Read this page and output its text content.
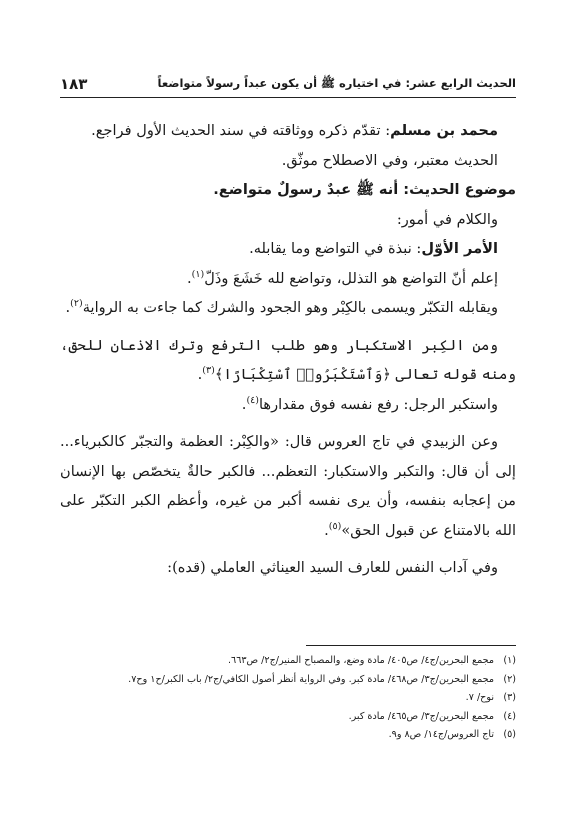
الحديث الرابع عشر: في اختياره ﷺ أن يكون عبداً رسولاً متواضعاً
١٨٣

محمد بن مسلم: تقدّم ذكره ووثاقته في سند الحديث الأول فراجع.

الحديث معتبر، وفي الاصطلاح موثّق.

موضوع الحديث: أنه ﷺ عبدٌ رسولٌ متواضع.

والكلام في أمور:

الأمر الأوّل: نبذة في التواضع وما يقابله.

إعلم أنّ التواضع هو التذلل، وتواضع لله خَشَعَ وذَلّ$^{(١)}$.

ويقابله التكبّر ويسمى بالكِبْر وهو الجحود والشرك كما جاءت به الرواية$^{(٢)}$.

ومن الكِبر الاستكبار وهو طلب الترفع وترك الاذعان للحق، ومنه قوله تعالى ﴿وَٱسْتَكْبَرُوا۟ ٱسْتِكْبَارًا﴾$^{(٣)}$.

واستكبر الرجل: رفع نفسه فوق مقدارها$^{(٤)}$.

وعن الزبيدي في تاج العروس قال: «والكِبْر: العظمة والتجبّر كالكبرياء... إلى أن قال: والتكبر والاستكبار: التعظم... فالكبر حالةٌ يتخصّص بها الإنسان من إعجابه بنفسه، وأن يرى نفسه أكبر من غيره، وأعظم الكبر التكبّر على الله بالامتناع عن قبول الحق»$^{(٥)}$.

وفي آداب النفس للعارف السيد العيناثي العاملي (قده):

(١)
مجمع البحرين/ج٤/ ص٤٠٥/ مادة وضع، والمصباح المنير/ج٢/ ص٦٦٣.
(٢)
مجمع البحرين/ج٣/ ص٤٦٨/ مادة كبر. وفي الرواية أنظر أصول الكافي/ج٢/ باب الكبر/ح١ وح٧.
(٣)
نوح/ ٧.
(٤)
مجمع البحرين/ج٣/ ص٤٦٥/ مادة كبر.
(٥)
تاج العروس/ج١٤/ ص٨ و٩.
